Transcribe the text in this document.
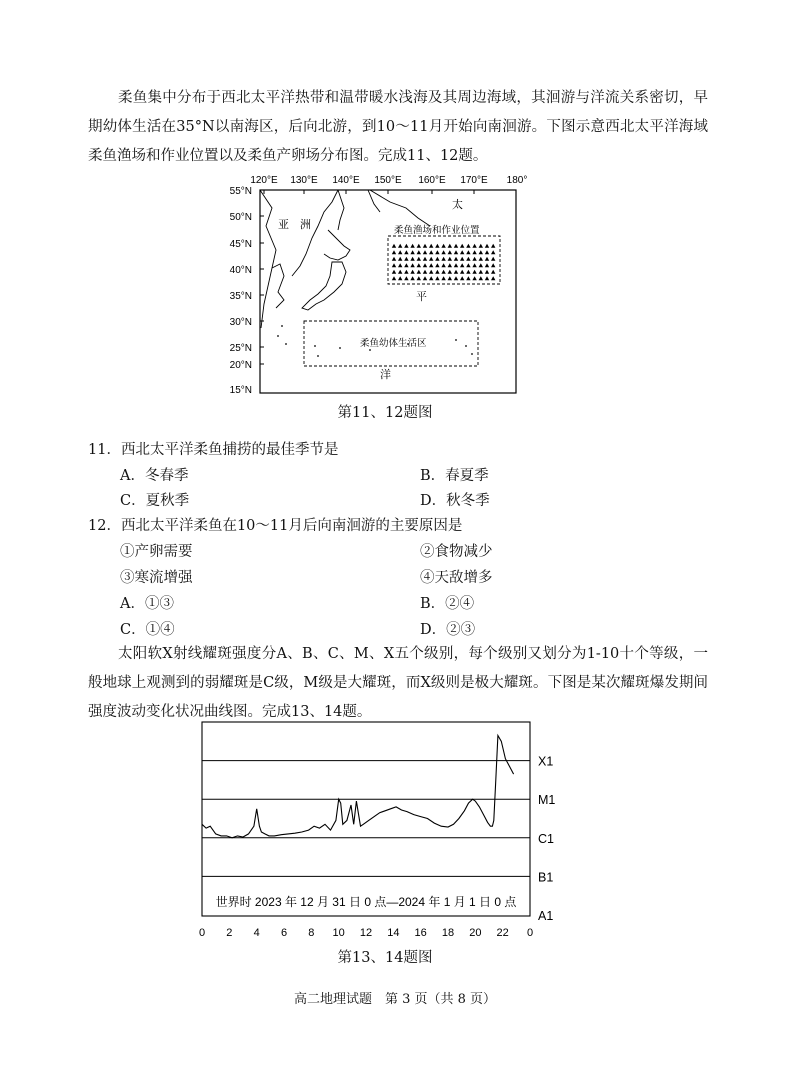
柔鱼集中分布于西北太平洋热带和温带暖水浅海及其周边海域，其洄游与洋流关系密切，早期幼体生活在35°N以南海区，后向北游，到10～11月开始向南洄游。下图示意西北太平洋海域柔鱼渔场和作业位置以及柔鱼产卵场分布图。完成11、12题。

120°E 130°E 140°E 150°E 160°E 170°E 180°
55°N
50°N
45°N
40°N
35°N
30°N
25°N
20°N
15°N
亚 洲
太
平
洋
柔鱼渔场和作业位置
柔鱼幼体生活区

第11、12题图

11．西北太平洋柔鱼捕捞的最佳季节是

A．冬春季	B．春夏季

C．夏秋季	D．秋冬季

12．西北太平洋柔鱼在10～11月后向南洄游的主要原因是

①产卵需要	②食物减少

③寒流增强	④天敌增多

A．①③	B．②④

C．①④	D．②③

太阳软X射线耀斑强度分A、B、C、M、X五个级别，每个级别又划分为1-10十个等级，一般地球上观测到的弱耀斑是C级，M级是大耀斑，而X级则是极大耀斑。下图是某次耀斑爆发期间强度波动变化状况曲线图。完成13、14题。

A1
B1
C1
M1
X1
0 2 4 6 8 10 12 14 16 18 20 22 0
世界时 2023 年 12 月 31 日 0 点—2024 年 1 月 1 日 0 点

第13、14题图

高二地理试题　第 3 页（共 8 页）
